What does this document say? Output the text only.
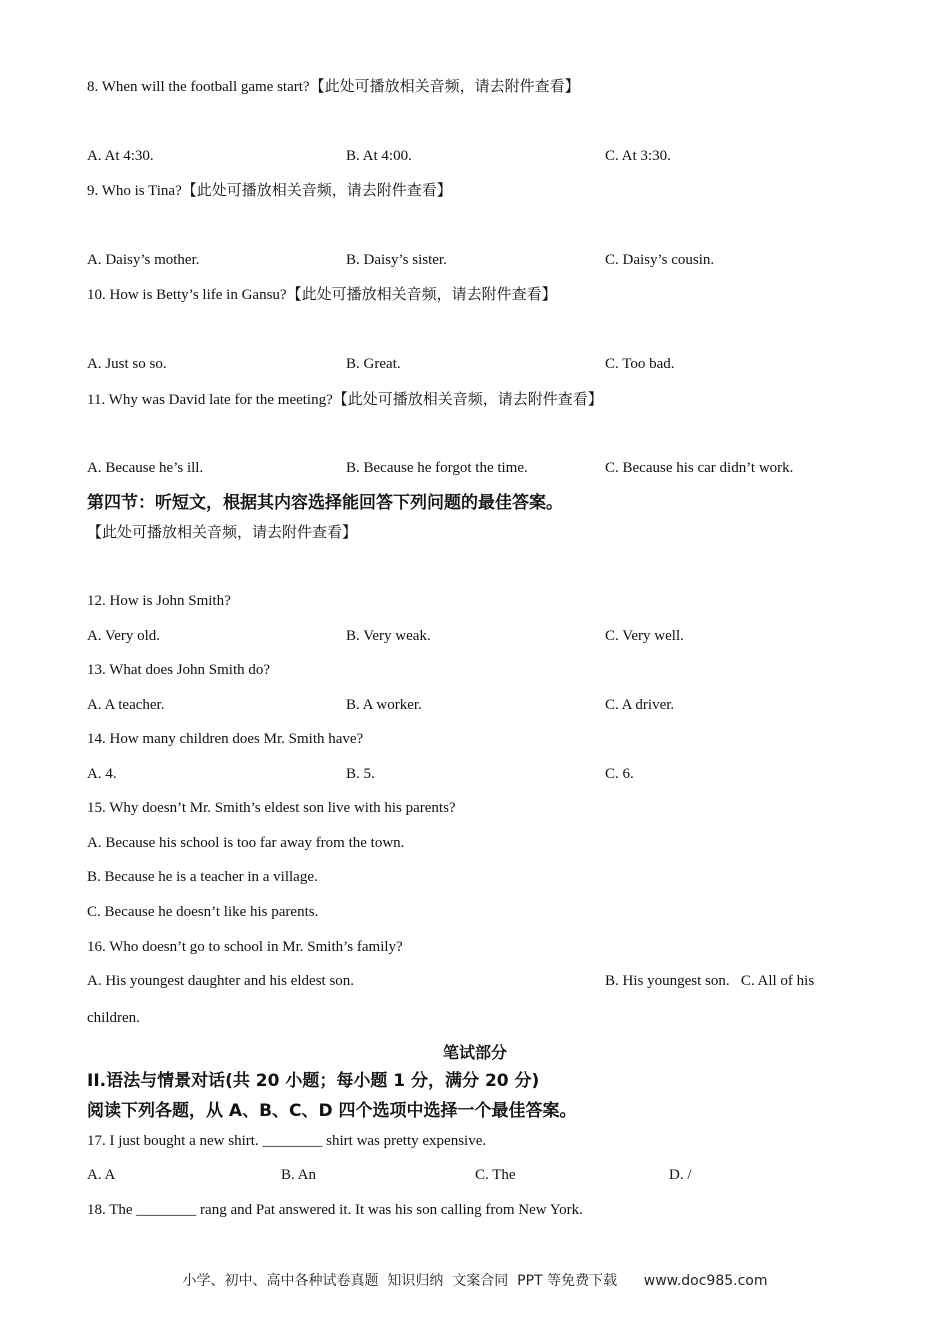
8. When will the football game start?【此处可播放相关音频，请去附件查看】
A. At 4:30.	B. At 4:00.	C. At 3:30.
9. Who is Tina?【此处可播放相关音频，请去附件查看】
A. Daisy’s mother.	B. Daisy’s sister.	C. Daisy’s cousin.
10. How is Betty’s life in Gansu?【此处可播放相关音频，请去附件查看】
A. Just so so.	B. Great.	C. Too bad.
11. Why was David late for the meeting?【此处可播放相关音频，请去附件查看】
A. Because he’s ill.	B. Because he forgot the time.	C. Because his car didn’t work.
第四节：听短文，根据其内容选择能回答下列问题的最佳答案。
【此处可播放相关音频，请去附件查看】
12. How is John Smith?
A. Very old.	B. Very weak.	C. Very well.
13. What does John Smith do?
A. A teacher.	B. A worker.	C. A driver.
14. How many children does Mr. Smith have?
A. 4.	B. 5.	C. 6.
15. Why doesn’t Mr. Smith’s eldest son live with his parents?
A. Because his school is too far away from the town.
B. Because he is a teacher in a village.
C. Because he doesn’t like his parents.
16. Who doesn’t go to school in Mr. Smith’s family?
A. His youngest daughter and his eldest son.	B. His youngest son.   C. All of his
children.
笔试部分
II.语法与情景对话(共 20 小题；每小题 1 分，满分 20 分)
阅读下列各题，从 A、B、C、D 四个选项中选择一个最佳答案。
17. I just bought a new shirt. ________ shirt was pretty expensive.
A. A	B. An	C. The	D. /
18. The ________ rang and Pat answered it. It was his son calling from New York.
小学、初中、高中各种试卷真题  知识归纳  文案合同  PPT 等免费下载      www.doc985.com
